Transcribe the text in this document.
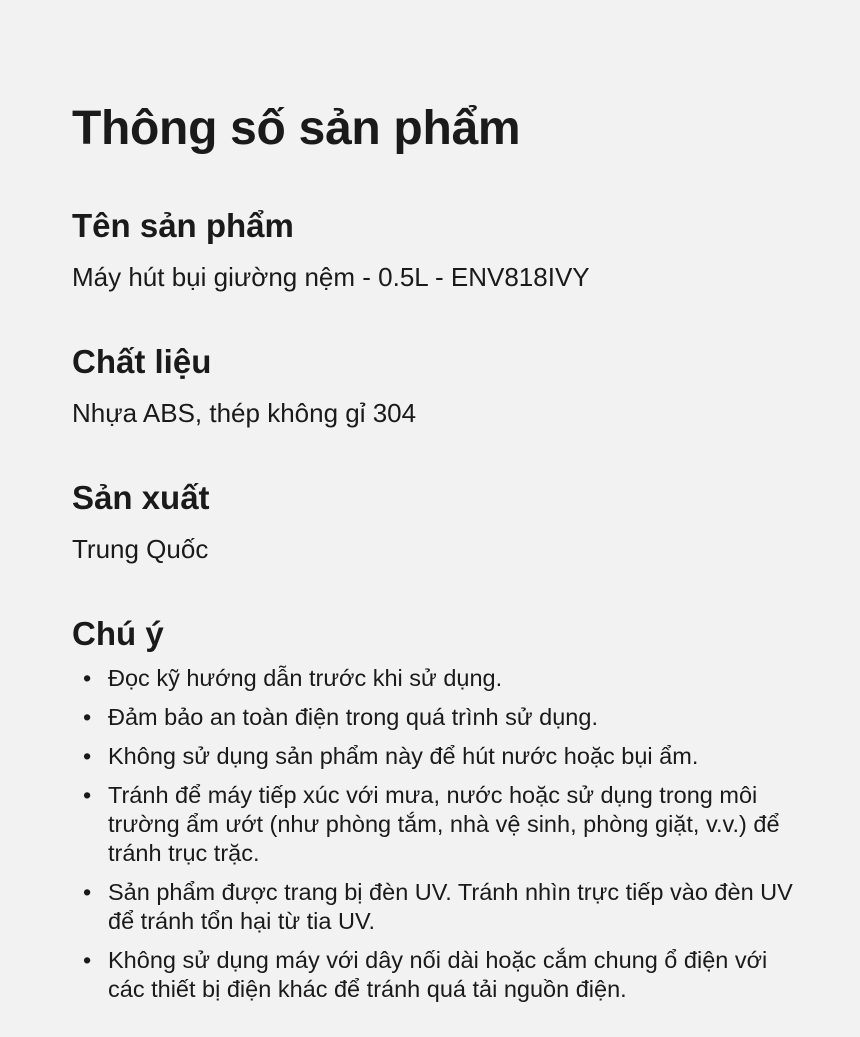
Thông số sản phẩm
Tên sản phẩm

Máy hút bụi giường nệm - 0.5L - ENV818IVY

Chất liệu

Nhựa ABS, thép không gỉ 304

Sản xuất

Trung Quốc

Chú ý
• Đọc kỹ hướng dẫn trước khi sử dụng.
• Đảm bảo an toàn điện trong quá trình sử dụng.
• Không sử dụng sản phẩm này để hút nước hoặc bụi ẩm.
• Tránh để máy tiếp xúc với mưa, nước hoặc sử dụng trong môi trường ẩm ướt (như phòng tắm, nhà vệ sinh, phòng giặt, v.v.) để tránh trục trặc.
• Sản phẩm được trang bị đèn UV. Tránh nhìn trực tiếp vào đèn UV để tránh tổn hại từ tia UV.
• Không sử dụng máy với dây nối dài hoặc cắm chung ổ điện với các thiết bị điện khác để tránh quá tải nguồn điện.
